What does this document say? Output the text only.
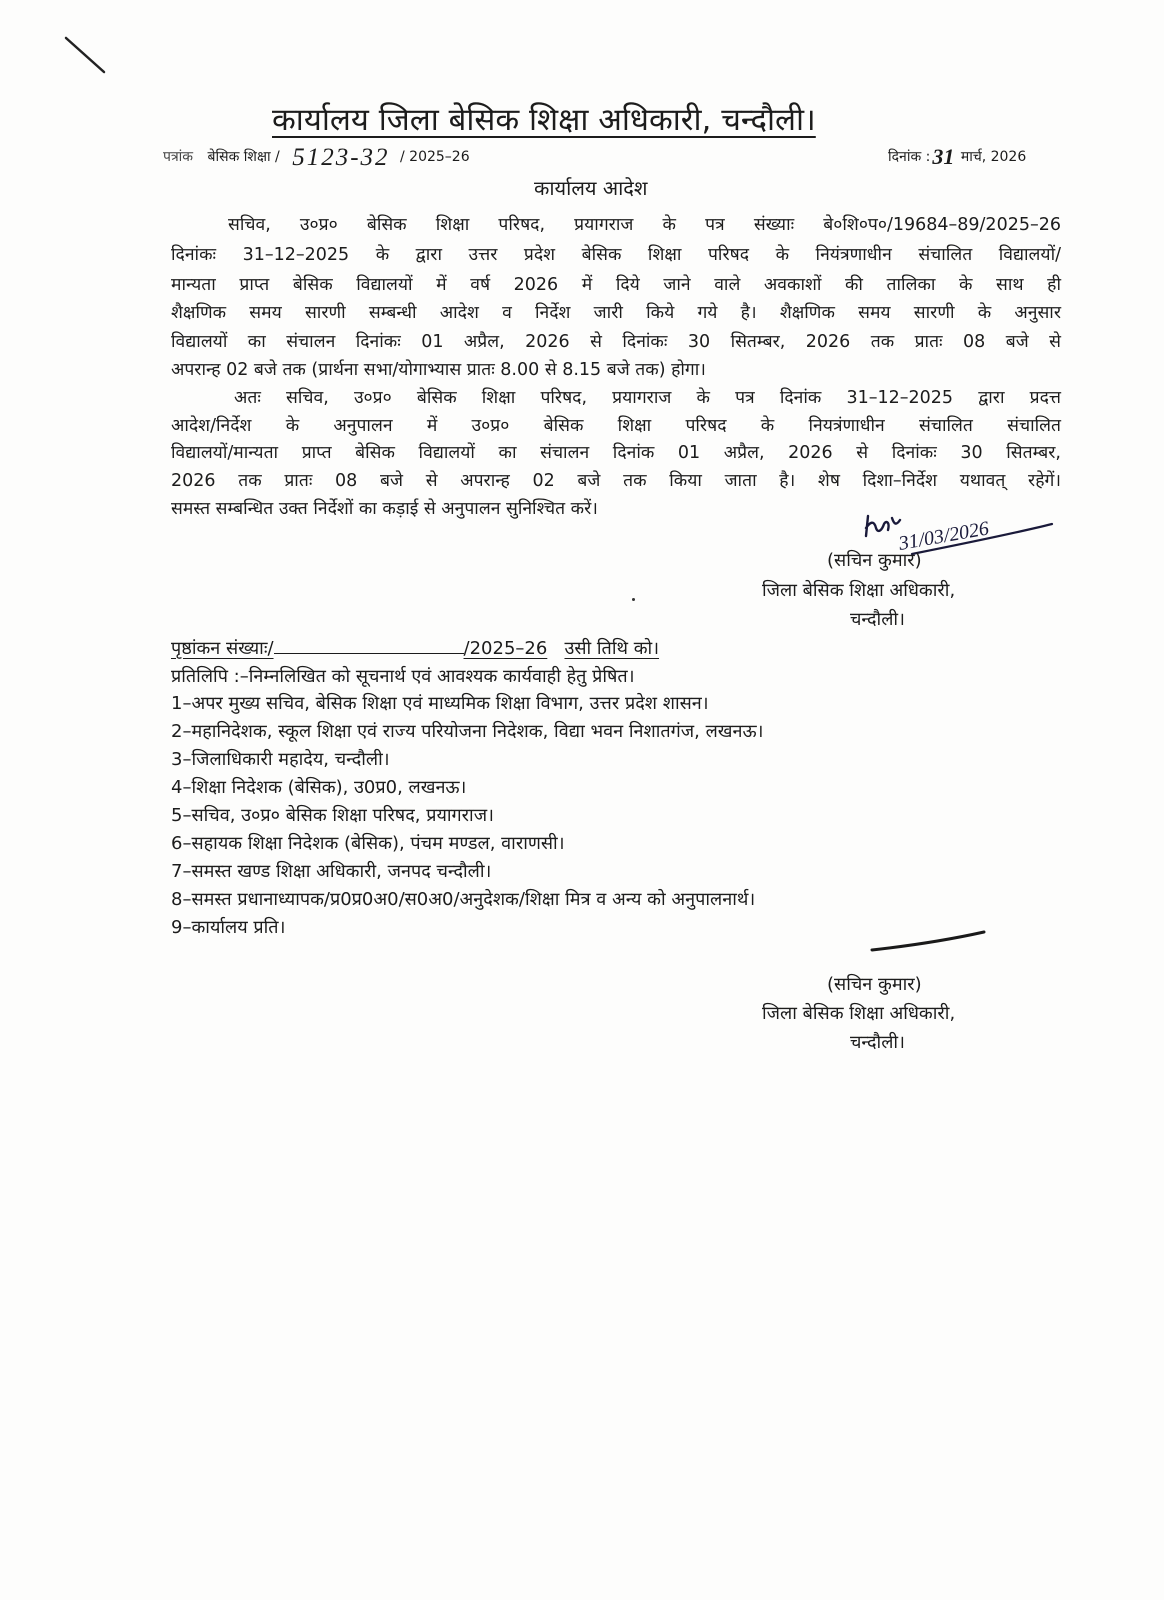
कार्यालय जिला बेसिक शिक्षा अधिकारी, चन्दौली।
पत्रांक बेसिक शिक्षा / 5123-32 / 2025–26	दिनांक :31 मार्च, 2026
कार्यालय आदेश
सचिव, उ०प्र० बेसिक शिक्षा परिषद, प्रयागराज के पत्र संख्याः बे०शि०प०/19684–89/2025–26
दिनांकः 31–12–2025 के द्वारा उत्तर प्रदेश बेसिक शिक्षा परिषद के नियंत्रणाधीन संचालित विद्यालयों/
मान्यता प्राप्त बेसिक विद्यालयों में वर्ष 2026 में दिये जाने वाले अवकाशों की तालिका के साथ ही
शैक्षणिक समय सारणी सम्बन्धी आदेश व निर्देश जारी किये गये है। शैक्षणिक समय सारणी के अनुसार
विद्यालयों का संचालन दिनांकः 01 अप्रैल, 2026 से दिनांकः 30 सितम्बर, 2026 तक प्रातः 08 बजे से
अपरान्ह 02 बजे तक (प्रार्थना सभा/योगाभ्यास प्रातः 8.00 से 8.15 बजे तक) होगा।
अतः सचिव, उ०प्र० बेसिक शिक्षा परिषद, प्रयागराज के पत्र दिनांक 31–12–2025 द्वारा प्रदत्त
आदेश/निर्देश के अनुपालन में उ०प्र० बेसिक शिक्षा परिषद के नियत्रंणाधीन संचालित संचालित
विद्यालयों/मान्यता प्राप्त बेसिक विद्यालयों का संचालन दिनांक 01 अप्रैल, 2026 से दिनांकः 30 सितम्बर,
2026 तक प्रातः 08 बजे से अपरान्ह 02 बजे तक किया जाता है। शेष दिशा–निर्देश यथावत् रहेगें।
समस्त सम्बन्धित उक्त निर्देशों का कड़ाई से अनुपालन सुनिश्चित करें।
31/03/2026
(सचिन कुमार)
जिला बेसिक शिक्षा अधिकारी,
चन्दौली।
पृष्ठांकन संख्याः/	/2025–26 उसी तिथि को।
प्रतिलिपि :–निम्नलिखित को सूचनार्थ एवं आवश्यक कार्यवाही हेतु प्रेषित।
1–अपर मुख्य सचिव, बेसिक शिक्षा एवं माध्यमिक शिक्षा विभाग, उत्तर प्रदेश शासन।
2–महानिदेशक, स्कूल शिक्षा एवं राज्य परियोजना निदेशक, विद्या भवन निशातगंज, लखनऊ।
3–जिलाधिकारी महादेय, चन्दौली।
4–शिक्षा निदेशक (बेसिक), उ0प्र0, लखनऊ।
5–सचिव, उ०प्र० बेसिक शिक्षा परिषद, प्रयागराज।
6–सहायक शिक्षा निदेशक (बेसिक), पंचम मण्डल, वाराणसी।
7–समस्त खण्ड शिक्षा अधिकारी, जनपद चन्दौली।
8–समस्त प्रधानाध्यापक/प्र0प्र0अ0/स0अ0/अनुदेशक/शिक्षा मित्र व अन्य को अनुपालनार्थ।
9–कार्यालय प्रति।
(सचिन कुमार)
जिला बेसिक शिक्षा अधिकारी,
चन्दौली।
